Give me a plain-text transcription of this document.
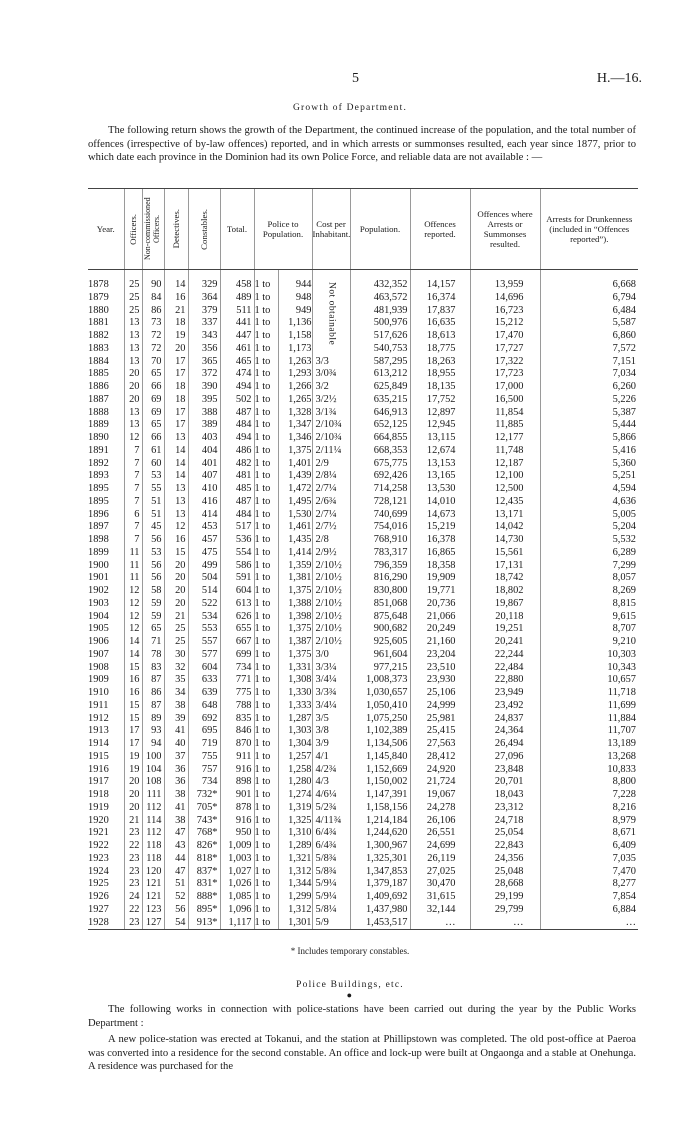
5	H.—16.
Growth of Department.
The following return shows the growth of the Department, the continued increase of the population, and the total number of offences (irrespective of by-law offences) reported, and in which arrests or summonses resulted, each year since 1877, prior to which date each province in the Dominion had its own Police Force, and reliable data are not available : —
Year.	Officers.	Non-commissioned Officers.	Detectives.	Constables.	Total.	Police to Population.		Cost per Inhabitant.	Population.	Offences reported.	Offences where Arrests or Summonses resulted.	Arrests for Drunkenness (included in “Offences reported”).
1878	25	90	14	329	458	1 to	944	Not obtainable	432,352	14,157	13,959	6,668
1879	25	84	16	364	489	1 to	948		463,572	16,374	14,696	6,794
1880	25	86	21	379	511	1 to	949		481,939	17,837	16,723	6,484
1881	13	73	18	337	441	1 to	1,136		500,976	16,635	15,212	5,587
1882	13	72	19	343	447	1 to	1,158		517,626	18,613	17,470	6,860
1883	13	72	20	356	461	1 to	1,173		540,753	18,775	17,727	7,572
1884	13	70	17	365	465	1 to	1,263	3/3	587,295	18,263	17,322	7,151
1885	20	65	17	372	474	1 to	1,293	3/0¾	613,212	18,955	17,723	7,034
1886	20	66	18	390	494	1 to	1,266	3/2	625,849	18,135	17,000	6,260
1887	20	69	18	395	502	1 to	1,265	3/2½	635,215	17,752	16,500	5,226
1888	13	69	17	388	487	1 to	1,328	3/1¾	646,913	12,897	11,854	5,387
1889	13	65	17	389	484	1 to	1,347	2/10¾	652,125	12,945	11,885	5,444
1890	12	66	13	403	494	1 to	1,346	2/10¾	664,855	13,115	12,177	5,866
1891	7	61	14	404	486	1 to	1,375	2/11¼	668,353	12,674	11,748	5,416
1892	7	60	14	401	482	1 to	1,401	2/9	675,775	13,153	12,187	5,360
1893	7	53	14	407	481	1 to	1,439	2/8¼	692,426	13,165	12,100	5,251
1895	7	55	13	410	485	1 to	1,472	2/7¼	714,258	13,530	12,500	4,594
1895	7	51	13	416	487	1 to	1,495	2/6¾	728,121	14,010	12,435	4,636
1896	6	51	13	414	484	1 to	1,530	2/7¼	740,699	14,673	13,171	5,005
1897	7	45	12	453	517	1 to	1,461	2/7½	754,016	15,219	14,042	5,204
1898	7	56	16	457	536	1 to	1,435	2/8	768,910	16,378	14,730	5,532
1899	11	53	15	475	554	1 to	1,414	2/9½	783,317	16,865	15,561	6,289
1900	11	56	20	499	586	1 to	1,359	2/10½	796,359	18,358	17,131	7,299
1901	11	56	20	504	591	1 to	1,381	2/10½	816,290	19,909	18,742	8,057
1902	12	58	20	514	604	1 to	1,375	2/10½	830,800	19,771	18,802	8,269
1903	12	59	20	522	613	1 to	1,388	2/10½	851,068	20,736	19,867	8,815
1904	12	59	21	534	626	1 to	1,398	2/10½	875,648	21,066	20,118	9,615
1905	12	65	25	553	655	1 to	1,375	2/10½	900,682	20,249	19,251	8,707
1906	14	71	25	557	667	1 to	1,387	2/10½	925,605	21,160	20,241	9,210
1907	14	78	30	577	699	1 to	1,375	3/0	961,604	23,204	22,244	10,303
1908	15	83	32	604	734	1 to	1,331	3/3¼	977,215	23,510	22,484	10,343
1909	16	87	35	633	771	1 to	1,308	3/4¼	1,008,373	23,930	22,880	10,657
1910	16	86	34	639	775	1 to	1,330	3/3¾	1,030,657	25,106	23,949	11,718
1911	15	87	38	648	788	1 to	1,333	3/4¼	1,050,410	24,999	23,492	11,699
1912	15	89	39	692	835	1 to	1,287	3/5	1,075,250	25,981	24,837	11,884
1913	17	93	41	695	846	1 to	1,303	3/8	1,102,389	25,415	24,364	11,707
1914	17	94	40	719	870	1 to	1,304	3/9	1,134,506	27,563	26,494	13,189
1915	19	100	37	755	911	1 to	1,257	4/1	1,145,840	28,412	27,096	13,268
1916	19	104	36	757	916	1 to	1,258	4/2¾	1,152,669	24,920	23,848	10,833
1917	20	108	36	734	898	1 to	1,280	4/3	1,150,002	21,724	20,701	8,800
1918	20	111	38	732*	901	1 to	1,274	4/6¼	1,147,391	19,067	18,043	7,228
1919	20	112	41	705*	878	1 to	1,319	5/2¾	1,158,156	24,278	23,312	8,216
1920	21	114	38	743*	916	1 to	1,325	4/11¾	1,214,184	26,106	24,718	8,979
1921	23	112	47	768*	950	1 to	1,310	6/4¾	1,244,620	26,551	25,054	8,671
1922	22	118	43	826*	1,009	1 to	1,289	6/4¾	1,300,967	24,699	22,843	6,409
1923	23	118	44	818*	1,003	1 to	1,321	5/8¾	1,325,301	26,119	24,356	7,035
1924	23	120	47	837*	1,027	1 to	1,312	5/8¾	1,347,853	27,025	25,048	7,470
1925	23	121	51	831*	1,026	1 to	1,344	5/9¼	1,379,187	30,470	28,668	8,277
1926	24	121	52	888*	1,085	1 to	1,299	5/9¼	1,409,692	31,615	29,199	7,854
1927	22	123	56	895*	1,096	1 to	1,312	5/8¼	1,437,980	32,144	29,799	6,884
1928	23	127	54	913*	1,117	1 to	1,301	5/9	1,453,517	…	…	…
* Includes temporary constables.
Police Buildings, etc.
●
The following works in connection with police-stations have been carried out during the year by the Public Works Department :
A new police-station was erected at Tokanui, and the station at Phillipstown was completed. The old post-office at Paeroa was converted into a residence for the second constable. An office and lock-up were built at Ongaonga and a stable at Onehunga. A residence was purchased for the
